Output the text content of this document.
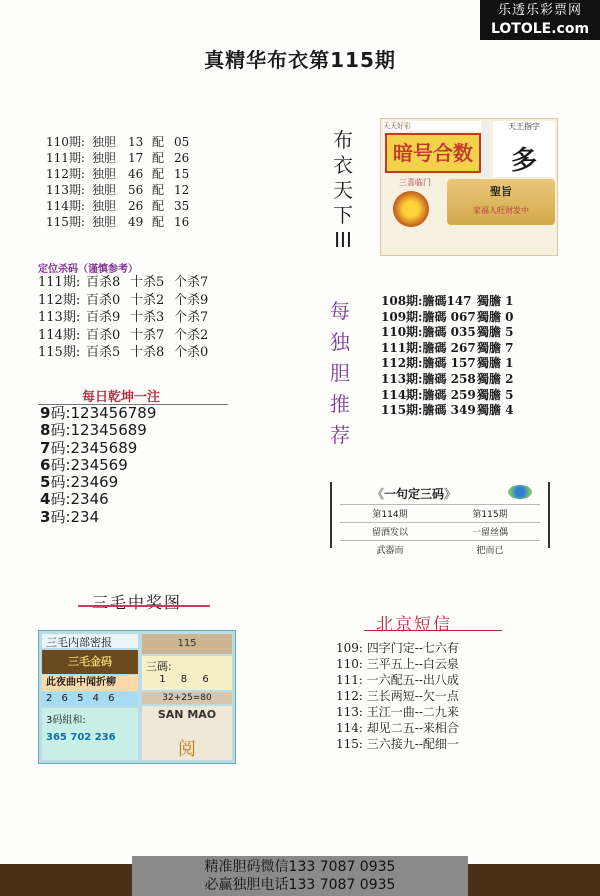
乐透乐彩票网
LOTOLE.com
真精华布衣第115期
110期: 独胆 13 配 05
111期: 独胆 17 配 26
112期: 独胆 46 配 15
113期: 独胆 56 配 12
114期: 独胆 26 配 35
115期: 独胆 49 配 16
定位杀码（谨慎参考）
111期: 百杀8 十杀5 个杀7
112期: 百杀0 十杀2 个杀9
113期: 百杀9 十杀3 个杀7
114期: 百杀0 十杀7 个杀2
115期: 百杀5 十杀8 个杀0
每日乾坤一注
9码:123456789
8码:12345689
7码:2345689
6码:234569
5码:23469
4码:2346
3码:234
三毛中奖图
三毛内部密报
三毛金码
此夜曲中闻折柳
2 6 5 4 6
3码組和:
365 702 236
115
三碼:
1 8 6
32+25=80
SAN MAO
阅
布
衣
天
下
III
天天好彩
暗号合数
天王指字
多
三喜临门
聖旨
家福人旺财发中
每
独
胆
推
荐
108期:膽碼147 獨膽 1
109期:膽碼 067獨膽 0
110期:膽碼 035獨膽 5
111期:膽碼 267獨膽 7
112期:膽碼 157獨膽 1
113期:膽碼 258獨膽 2
114期:膽碼 259獨膽 5
115期:膽碼 349獨膽 4
《一句定三码》
第114期	第115期
留酒发以	一留丝偶
武器而	把而已
北京短信
109: 四字门定--七六有
110: 三平五上--白云泉
111: 一六配五--出八成
112: 三长两短--欠一点
113: 王江一曲--二九来
114: 却见二五--来相合
115: 三六接九--配细一
精准胆码微信133 7087 0935
必赢独胆电话133 7087 0935
